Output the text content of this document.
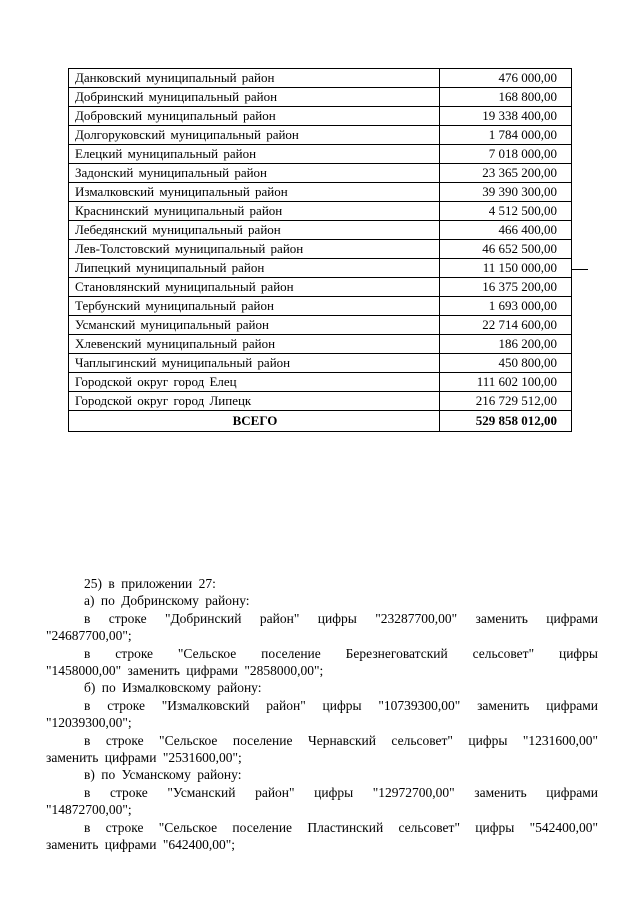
Данковский муниципальный район	476 000,00
Добринский муниципальный район	168 800,00
Добровский муниципальный район	19 338 400,00
Долгоруковский муниципальный район	1 784 000,00
Елецкий муниципальный район	7 018 000,00
Задонский муниципальный район	23 365 200,00
Измалковский муниципальный район	39 390 300,00
Краснинский муниципальный район	4 512 500,00
Лебедянский муниципальный район	466 400,00
Лев-Толстовский муниципальный район	46 652 500,00
Липецкий муниципальный район	11 150 000,00
Становлянский муниципальный район	16 375 200,00
Тербунский муниципальный район	1 693 000,00
Усманский муниципальный район	22 714 600,00
Хлевенский муниципальный район	186 200,00
Чаплыгинский муниципальный район	450 800,00
Городской округ город Елец	111 602 100,00
Городской округ город Липецк	216 729 512,00
ВСЕГО	529 858 012,00

25) в приложении 27:

а) по Добринскому району:

в строке "Добринский район" цифры "23287700,00" заменить цифрами

"24687700,00";

в строке "Сельское поселение Березнеговатский сельсовет" цифры

"1458000,00" заменить цифрами "2858000,00";

б) по Измалковскому району:

в строке "Измалковский район" цифры "10739300,00" заменить цифрами

"12039300,00";

в строке "Сельское поселение Чернавский сельсовет" цифры "1231600,00"

заменить цифрами "2531600,00";

в) по Усманскому району:

в строке "Усманский район" цифры "12972700,00" заменить цифрами

"14872700,00";

в строке "Сельское поселение Пластинский сельсовет" цифры "542400,00"

заменить цифрами "642400,00";
